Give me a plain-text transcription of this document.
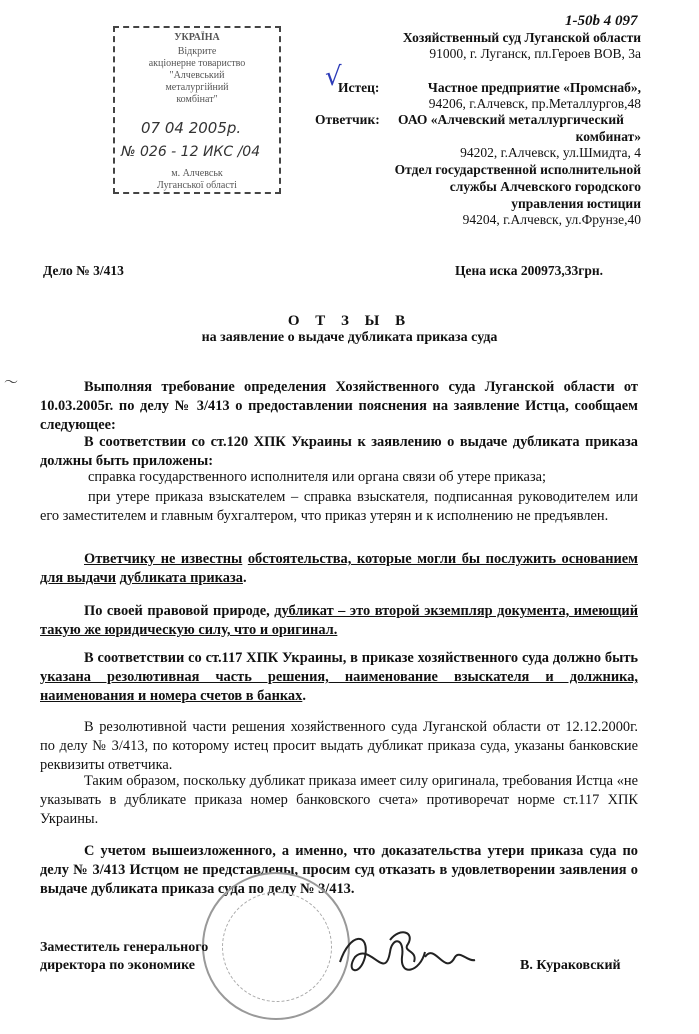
1-50b 4 097
УКРАЇНА
Відкрите
акціонерне товариство
"Алчевський
металургійний
комбінат"
07 04 2005р.
№ 026 - 12 ИКС /04
м. Алчевськ
Луганської області
Хозяйственный суд Луганской области
91000, г. Луганск, пл.Героев ВОВ, 3а
√
Истец:	Частное предприятие «Промснаб»,
94206, г.Алчевск, пр.Металлургов,48
Ответчик: ОАО «Алчевский металлургический
комбинат»
94202, г.Алчевск, ул.Шмидта, 4
Отдел государственной исполнительной
службы Алчевского городского
управления юстиции
94204, г.Алчевск, ул.Фрунзе,40
Дело № 3/413	Цена иска 200973,33грн.
О Т З Ы В
на заявление о выдаче дубликата приказа суда
〜	Выполняя требование определения Хозяйственного суда Луганской области от 10.03.2005г. по делу № 3/413 о предоставлении пояснения на заявление Истца, сообщаем следующее:
В соответствии со ст.120 ХПК Украины к заявлению о выдаче дубликата приказа должны быть приложены:
справка государственного исполнителя или органа связи об утере приказа;
при утере приказа взыскателем – справка взыскателя, подписанная руководителем или его заместителем и главным бухгалтером, что приказ утерян и к исполнению не предъявлен.
Ответчику не известны обстоятельства, которые могли бы послужить основанием для выдачи дубликата приказа.
По своей правовой природе, дубликат – это второй экземпляр документа, имеющий такую же юридическую силу, что и оригинал.
В соответствии со ст.117 ХПК Украины, в приказе хозяйственного суда должно быть указана резолютивная часть решения, наименование взыскателя и должника, наименования и номера счетов в банках.
В резолютивной части решения хозяйственного суда Луганской области от 12.12.2000г. по делу № 3/413, по которому истец просит выдать дубликат приказа суда, указаны банковские реквизиты ответчика.
Таким образом, поскольку дубликат приказа имеет силу оригинала, требования Истца «не указывать в дубликате приказа номер банковского счета» противоречат норме ст.117 ХПК Украины.
С учетом вышеизложенного, а именно, что доказательства утери приказа суда по делу № 3/413 Истцом не представлены, просим суд отказать в удовлетворении заявления о выдаче дубликата приказа суда по делу № 3/413.
Заместитель генерального
директора по экономике	В. Кураковский
